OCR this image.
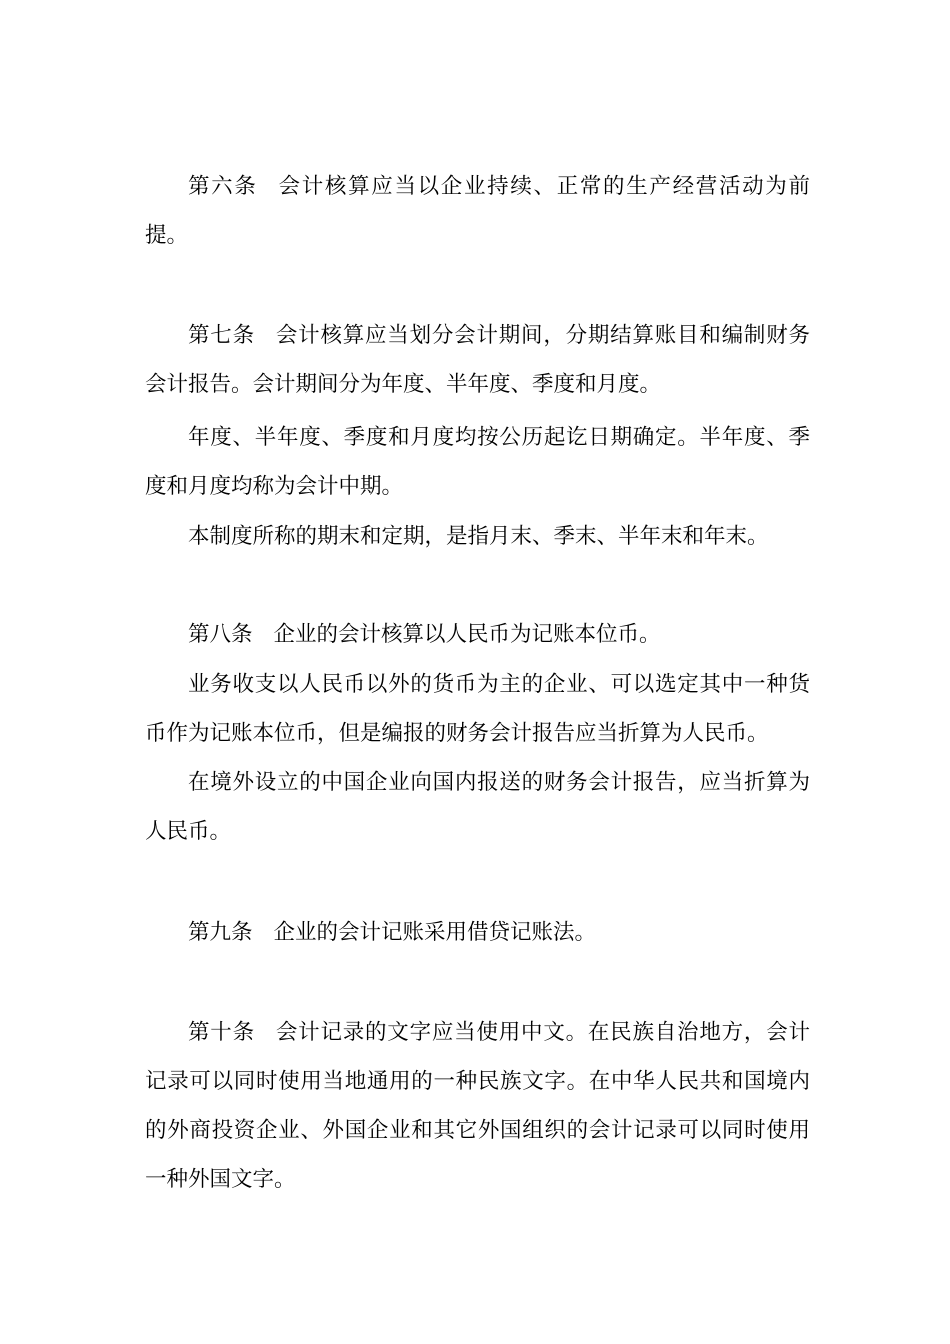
第六条 会计核算应当以企业持续、正常的生产经营活动为前提。

第七条 会计核算应当划分会计期间，分期结算账目和编制财务会计报告。会计期间分为年度、半年度、季度和月度。

年度、半年度、季度和月度均按公历起讫日期确定。半年度、季度和月度均称为会计中期。

本制度所称的期末和定期，是指月末、季末、半年末和年末。

第八条 企业的会计核算以人民币为记账本位币。

业务收支以人民币以外的货币为主的企业、可以选定其中一种货币作为记账本位币，但是编报的财务会计报告应当折算为人民币。

在境外设立的中国企业向国内报送的财务会计报告，应当折算为人民币。

第九条 企业的会计记账采用借贷记账法。

第十条 会计记录的文字应当使用中文。在民族自治地方，会计记录可以同时使用当地通用的一种民族文字。在中华人民共和国境内的外商投资企业、外国企业和其它外国组织的会计记录可以同时使用一种外国文字。
